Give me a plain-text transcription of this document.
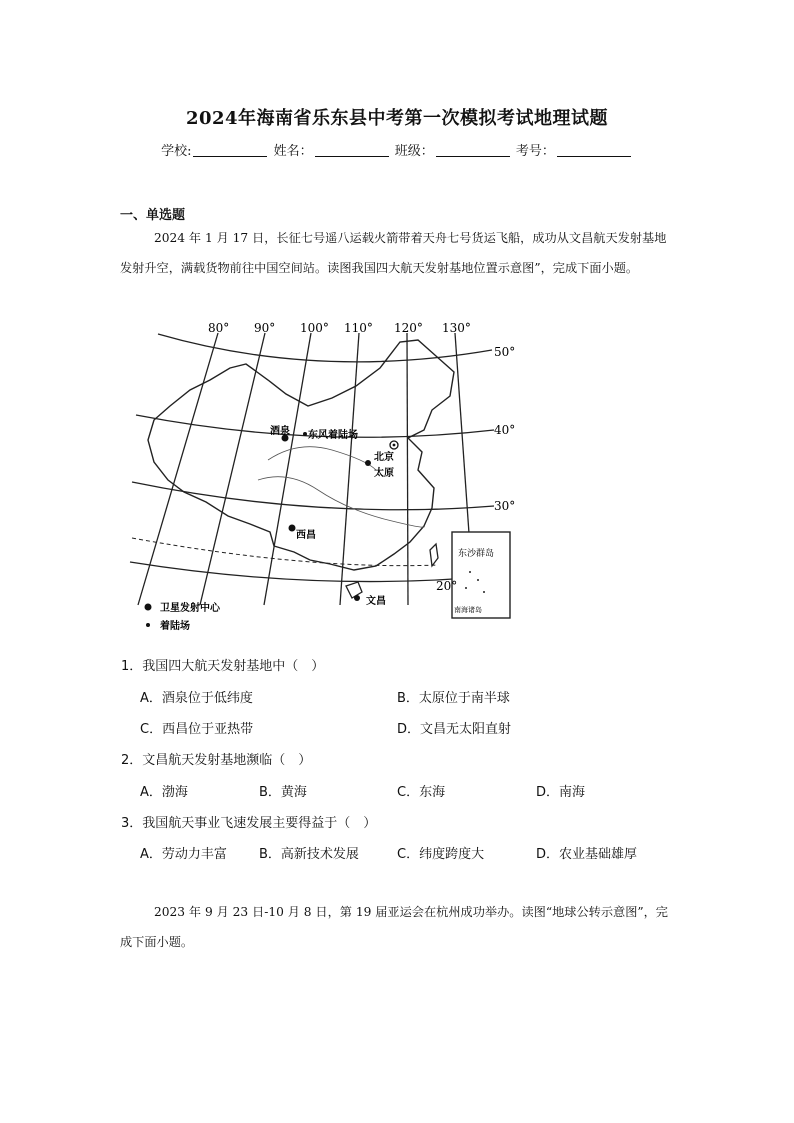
2024年海南省乐东县中考第一次模拟考试地理试题
学校:	姓名：	班级：	考号：
一、单选题
2024 年 1 月 17 日，长征七号遥八运载火箭带着天舟七号货运飞船，成功从文昌航天发射基地发射升空，满载货物前往中国空间站。读图我国四大航天发射基地位置示意图”，完成下面小题。
东沙群岛
南海诸岛
80° 90° 100° 110° 120° 130°
50°
40°
30°
20°
酒泉 东风着陆场
北京
太原
西昌
文昌
卫星发射中心
着陆场
1．我国四大航天发射基地中（　）
A．酒泉位于低纬度	B．太原位于南半球
C．西昌位于亚热带	D．文昌无太阳直射
2．文昌航天发射基地濒临（　）
A．渤海	B．黄海	C．东海	D．南海
3．我国航天事业飞速发展主要得益于（　）
A．劳动力丰富 B．高新技术发展	C．纬度跨度大	D．农业基础雄厚
2023 年 9 月 23 日-10 月 8 日，第 19 届亚运会在杭州成功举办。读图“地球公转示意图”，完成下面小题。
